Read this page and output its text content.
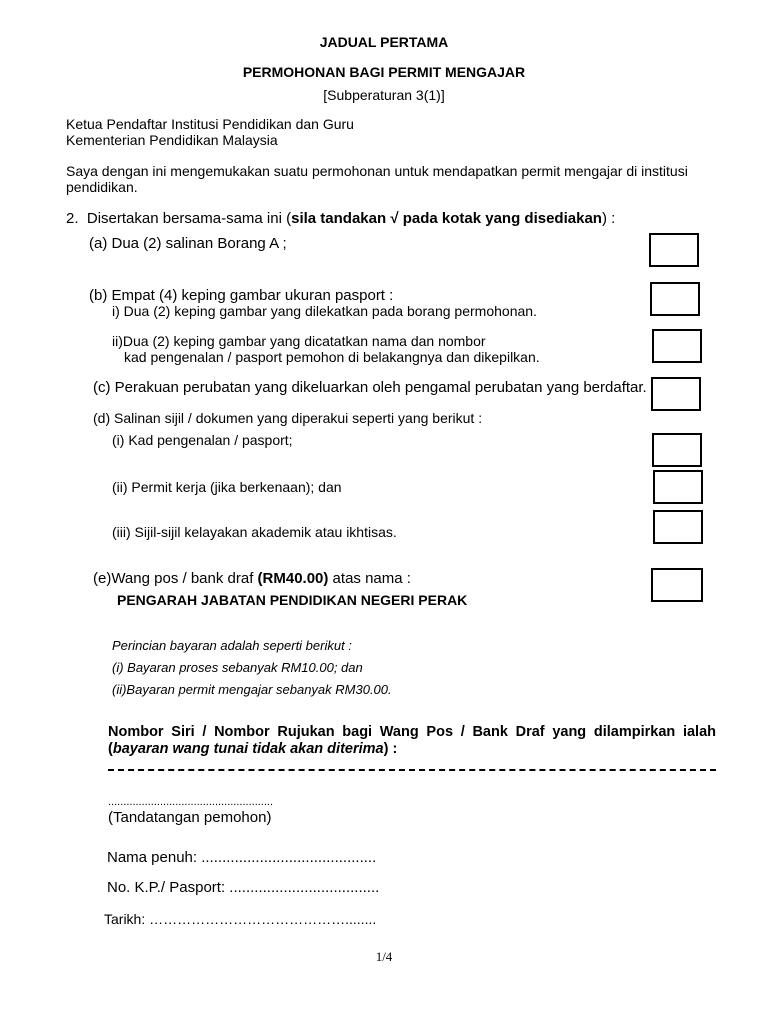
JADUAL PERTAMA
PERMOHONAN BAGI PERMIT MENGAJAR
[Subperaturan 3(1)]
Ketua Pendaftar Institusi Pendidikan dan Guru
Kementerian Pendidikan Malaysia
Saya dengan ini mengemukakan suatu permohonan untuk mendapatkan permit mengajar di institusi
pendidikan.
2. Disertakan bersama-sama ini (sila tandakan √ pada kotak yang disediakan) :
(a) Dua (2) salinan Borang A ;
(b) Empat (4) keping gambar ukuran pasport :
i) Dua (2) keping gambar yang dilekatkan pada borang permohonan.
ii)Dua (2) keping gambar yang dicatatkan nama dan nombor
kad pengenalan / pasport pemohon di belakangnya dan dikepilkan.
(c) Perakuan perubatan yang dikeluarkan oleh pengamal perubatan yang berdaftar.
(d) Salinan sijil / dokumen yang diperakui seperti yang berikut :
(i) Kad pengenalan / pasport;
(ii) Permit kerja (jika berkenaan); dan
(iii) Sijil-sijil kelayakan akademik atau ikhtisas.
(e)Wang pos / bank draf (RM40.00) atas nama :
PENGARAH JABATAN PENDIDIKAN NEGERI PERAK
Perincian bayaran adalah seperti berikut :
(i) Bayaran proses sebanyak RM10.00; dan
(ii)Bayaran permit mengajar sebanyak RM30.00.
Nombor Siri / Nombor Rujukan bagi Wang Pos / Bank Draf yang dilampirkan ialah
(bayaran wang tunai tidak akan diterima) :
......................................................
(Tandatangan pemohon)
Nama penuh: ..........................................
No. K.P./ Pasport: ....................................
Tarikh: ……………………………………........
1/4
